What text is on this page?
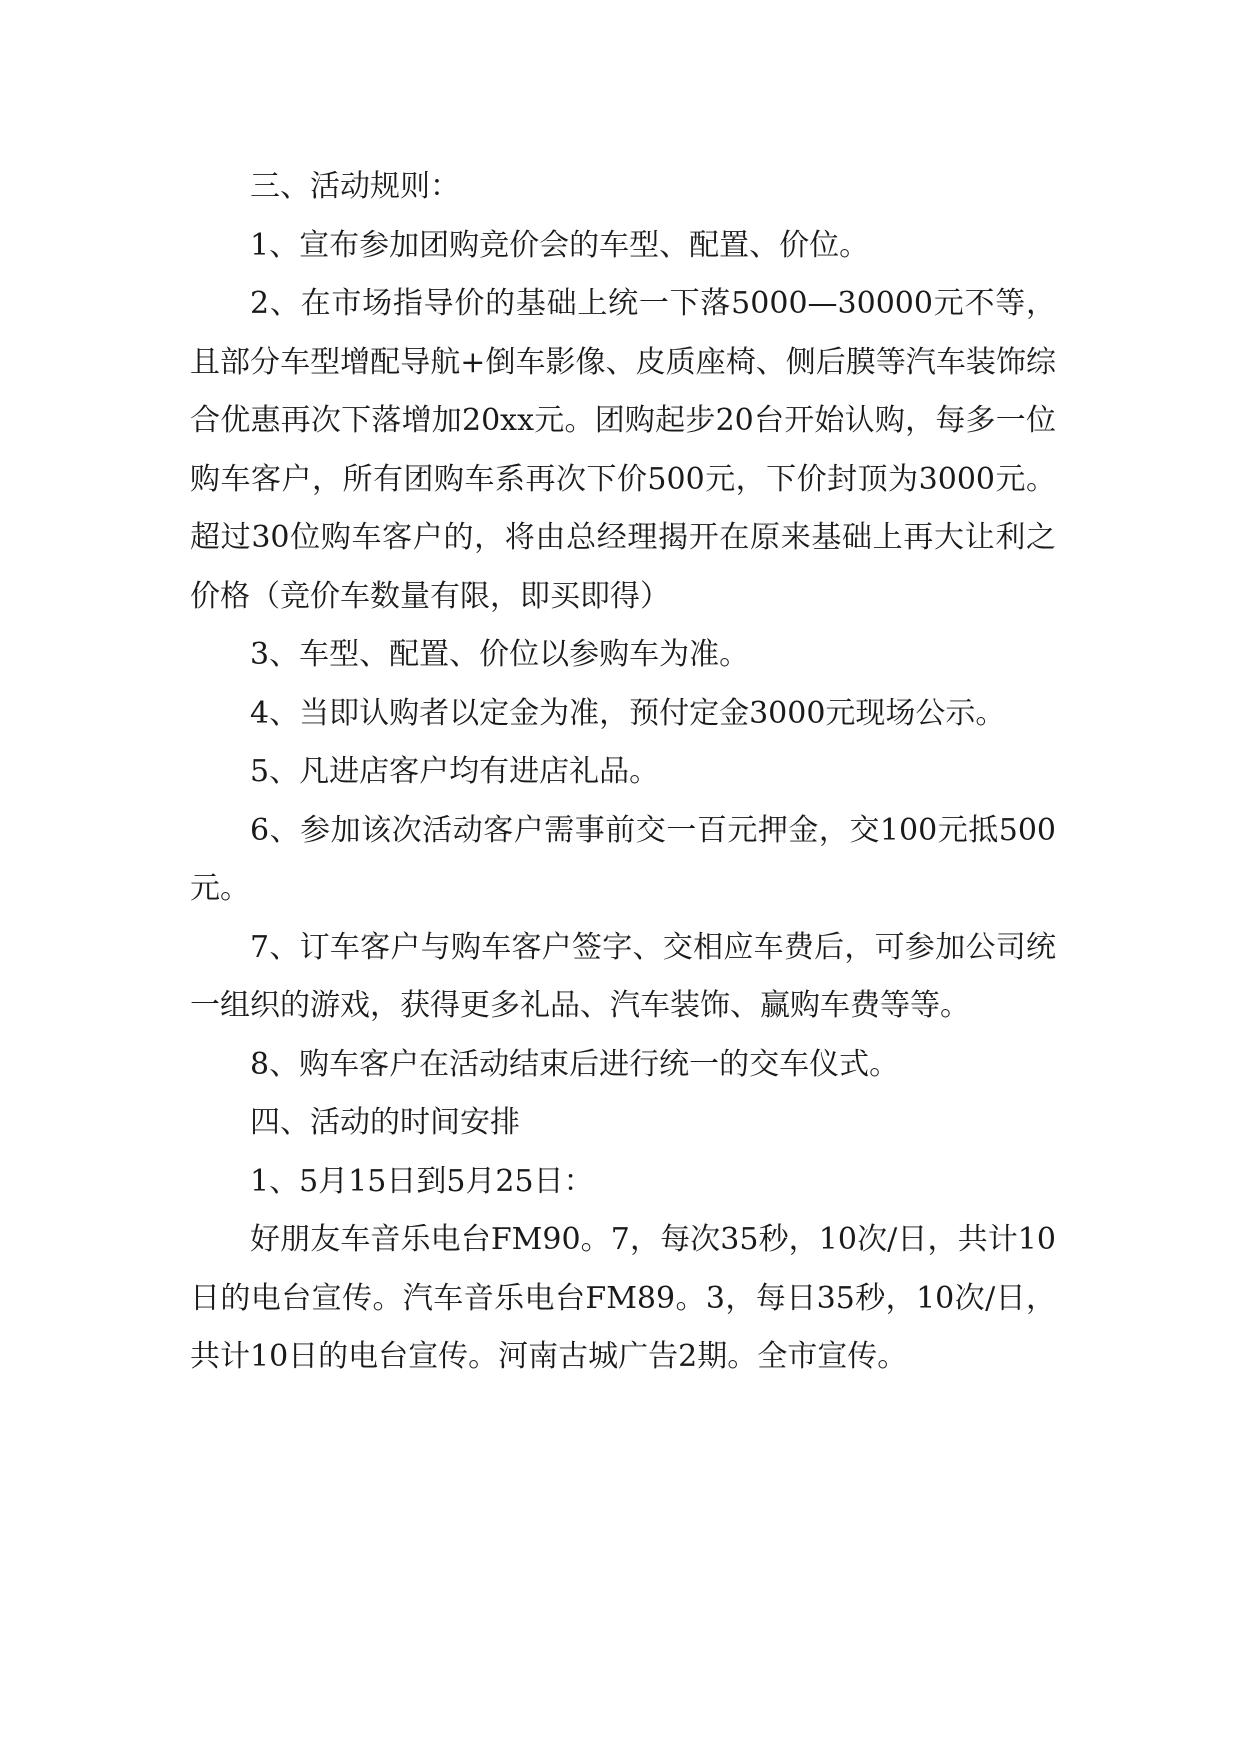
三、活动规则：

1、宣布参加团购竞价会的车型、配置、价位。

2、在市场指导价的基础上统一下落5000—30000元不等，且部分车型增配导航+倒车影像、皮质座椅、侧后膜等汽车装饰综合优惠再次下落增加20xx元。团购起步20台开始认购，每多一位购车客户，所有团购车系再次下价500元，下价封顶为3000元。超过30位购车客户的，将由总经理揭开在原来基础上再大让利之价格（竞价车数量有限，即买即得）

3、车型、配置、价位以参购车为准。

4、当即认购者以定金为准，预付定金3000元现场公示。

5、凡进店客户均有进店礼品。

6、参加该次活动客户需事前交一百元押金，交100元抵500元。

7、订车客户与购车客户签字、交相应车费后，可参加公司统一组织的游戏，获得更多礼品、汽车装饰、赢购车费等等。

8、购车客户在活动结束后进行统一的交车仪式。

四、活动的时间安排

1、5月15日到5月25日：

好朋友车音乐电台FM90。7，每次35秒，10次/日，共计10日的电台宣传。汽车音乐电台FM89。3，每日35秒，10次/日，共计10日的电台宣传。河南古城广告2期。全市宣传。
